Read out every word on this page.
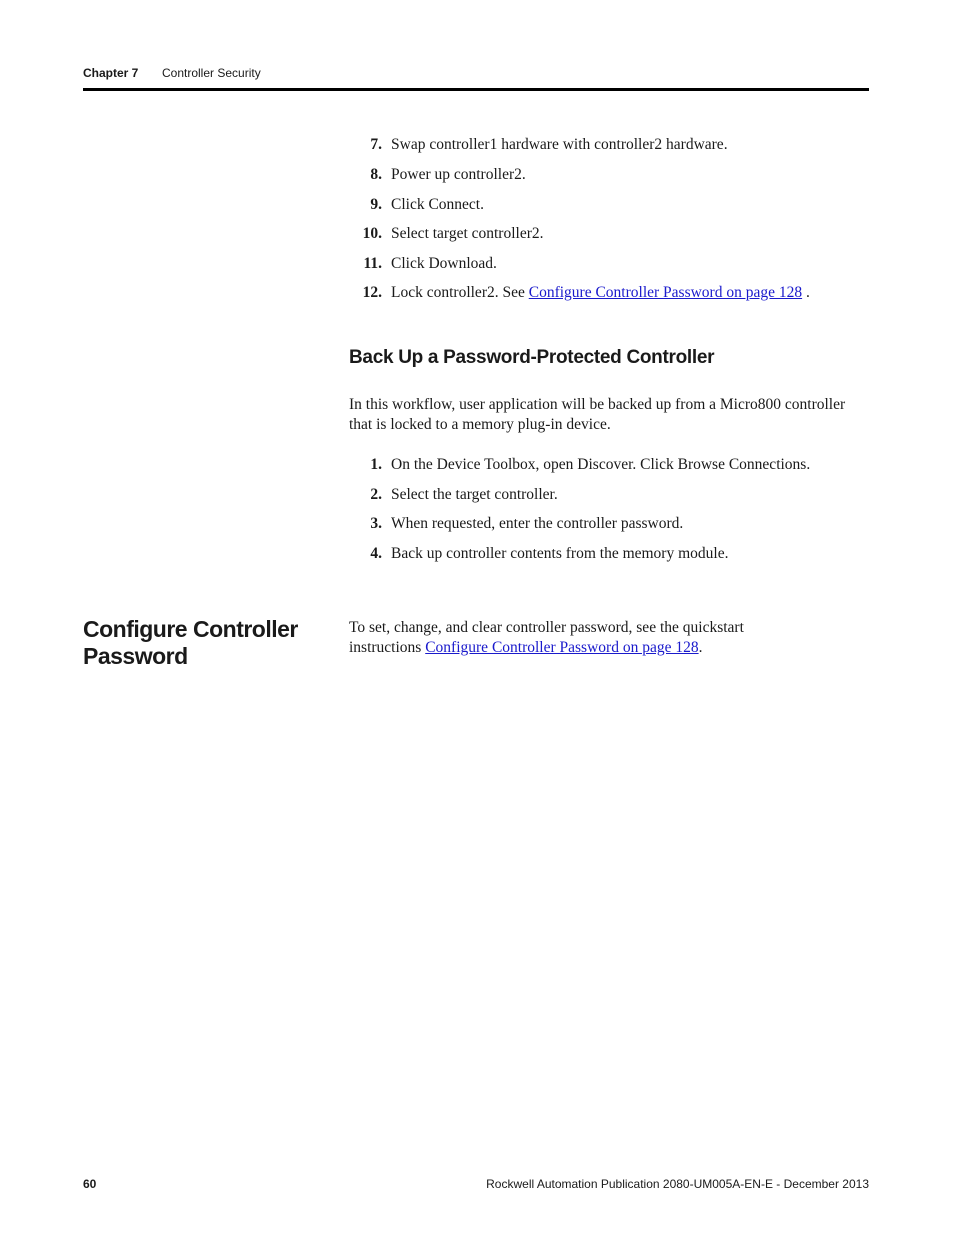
Chapter 7 Controller Security
7. Swap controller1 hardware with controller2 hardware.
8. Power up controller2.
9. Click Connect.
10. Select target controller2.
11. Click Download.
12. Lock controller2. See Configure Controller Password on page 128 .
Back Up a Password-Protected Controller
In this workflow, user application will be backed up from a Micro800 controller that is locked to a memory plug-in device.
1. On the Device Toolbox, open Discover. Click Browse Connections.
2. Select the target controller.
3. When requested, enter the controller password.
4. Back up controller contents from the memory module.
Configure Controller Password
To set, change, and clear controller password, see the quickstart instructions Configure Controller Password on page 128.
60	Rockwell Automation Publication 2080-UM005A-EN-E - December 2013
